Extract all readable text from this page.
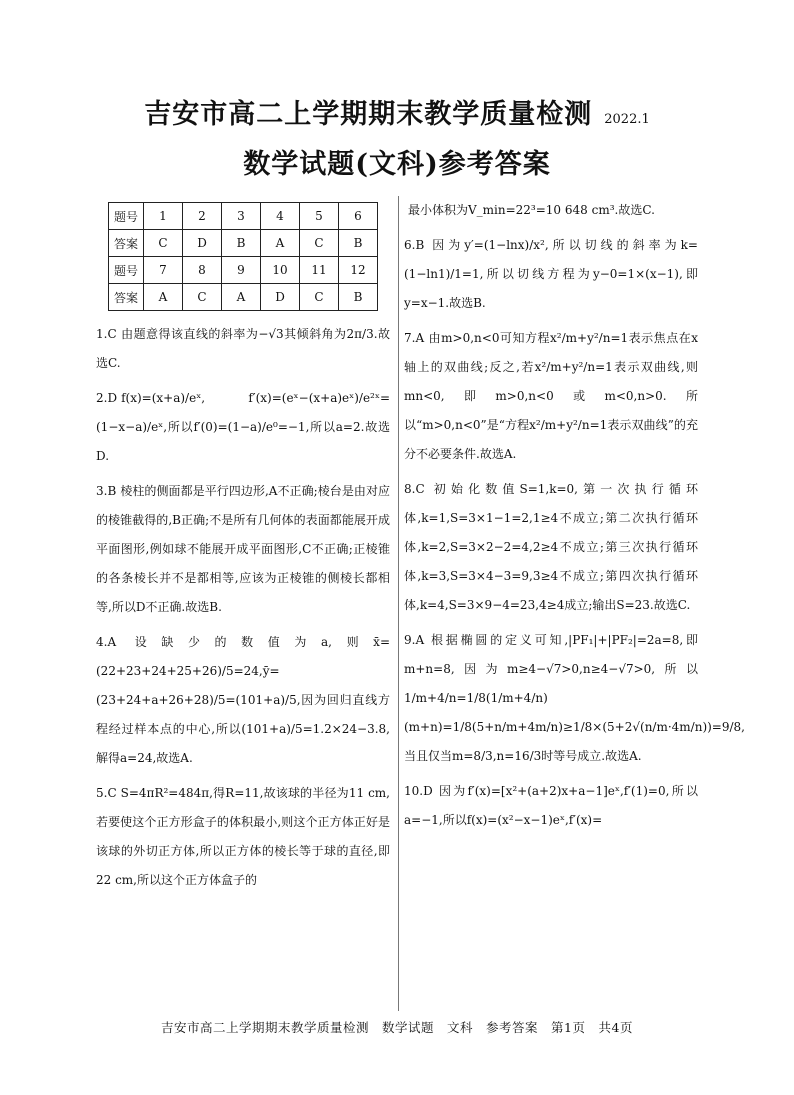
吉安市高二上学期期末教学质量检测 2022.1
数学试题(文科)参考答案
题号	1	2	3	4	5	6
答案	C	D	B	A	C	B
题号	7	8	9	10	11	12
答案	A	C	A	D	C	B
1.C 由题意得该直线的斜率为−√3其倾斜角为2π/3.故选C.
2.D f(x)=(x+a)/eˣ, f′(x)=(eˣ−(x+a)eˣ)/e²ˣ=(1−x−a)/eˣ,所以f′(0)=(1−a)/e⁰=−1,所以a=2.故选D.
3.B 棱柱的侧面都是平行四边形,A不正确;棱台是由对应的棱锥截得的,B正确;不是所有几何体的表面都能展开成平面图形,例如球不能展开成平面图形,C不正确;正棱锥的各条棱长并不是都相等,应该为正棱锥的侧棱长都相等,所以D不正确.故选B.
4.A 设缺少的数值为a,则x̄=(22+23+24+25+26)/5=24,ȳ=(23+24+a+26+28)/5=(101+a)/5,因为回归直线方程经过样本点的中心,所以(101+a)/5=1.2×24−3.8,解得a=24,故选A.
5.C S=4πR²=484π,得R=11,故该球的半径为11 cm,若要使这个正方形盒子的体积最小,则这个正方体正好是该球的外切正方体,所以正方体的棱长等于球的直径,即22 cm,所以这个正方体盒子的
最小体积为V_min=22³=10 648 cm³.故选C.
6.B 因为y′=(1−lnx)/x²,所以切线的斜率为k=(1−ln1)/1=1,所以切线方程为y−0=1×(x−1),即y=x−1.故选B.
7.A 由m>0,n<0可知方程x²/m+y²/n=1表示焦点在x轴上的双曲线;反之,若x²/m+y²/n=1表示双曲线,则mn<0,即m>0,n<0或m<0,n>0.所以“m>0,n<0”是“方程x²/m+y²/n=1表示双曲线”的充分不必要条件.故选A.
8.C 初始化数值S=1,k=0,第一次执行循环体,k=1,S=3×1−1=2,1≥4不成立;第二次执行循环体,k=2,S=3×2−2=4,2≥4不成立;第三次执行循环体,k=3,S=3×4−3=9,3≥4不成立;第四次执行循环体,k=4,S=3×9−4=23,4≥4成立;输出S=23.故选C.
9.A 根据椭圆的定义可知,|PF₁|+|PF₂|=2a=8,即m+n=8,因为m≥4−√7>0,n≥4−√7>0,所以1/m+4/n=1/8(1/m+4/n)(m+n)=1/8(5+n/m+4m/n)≥1/8×(5+2√(n/m·4m/n))=9/8,当且仅当m=8/3,n=16/3时等号成立.故选A.
10.D 因为f′(x)=[x²+(a+2)x+a−1]eˣ,f′(1)=0,所以a=−1,所以f(x)=(x²−x−1)eˣ,f′(x)=
吉安市高二上学期期末教学质量检测　数学试题　文科　参考答案　第1页　共4页
